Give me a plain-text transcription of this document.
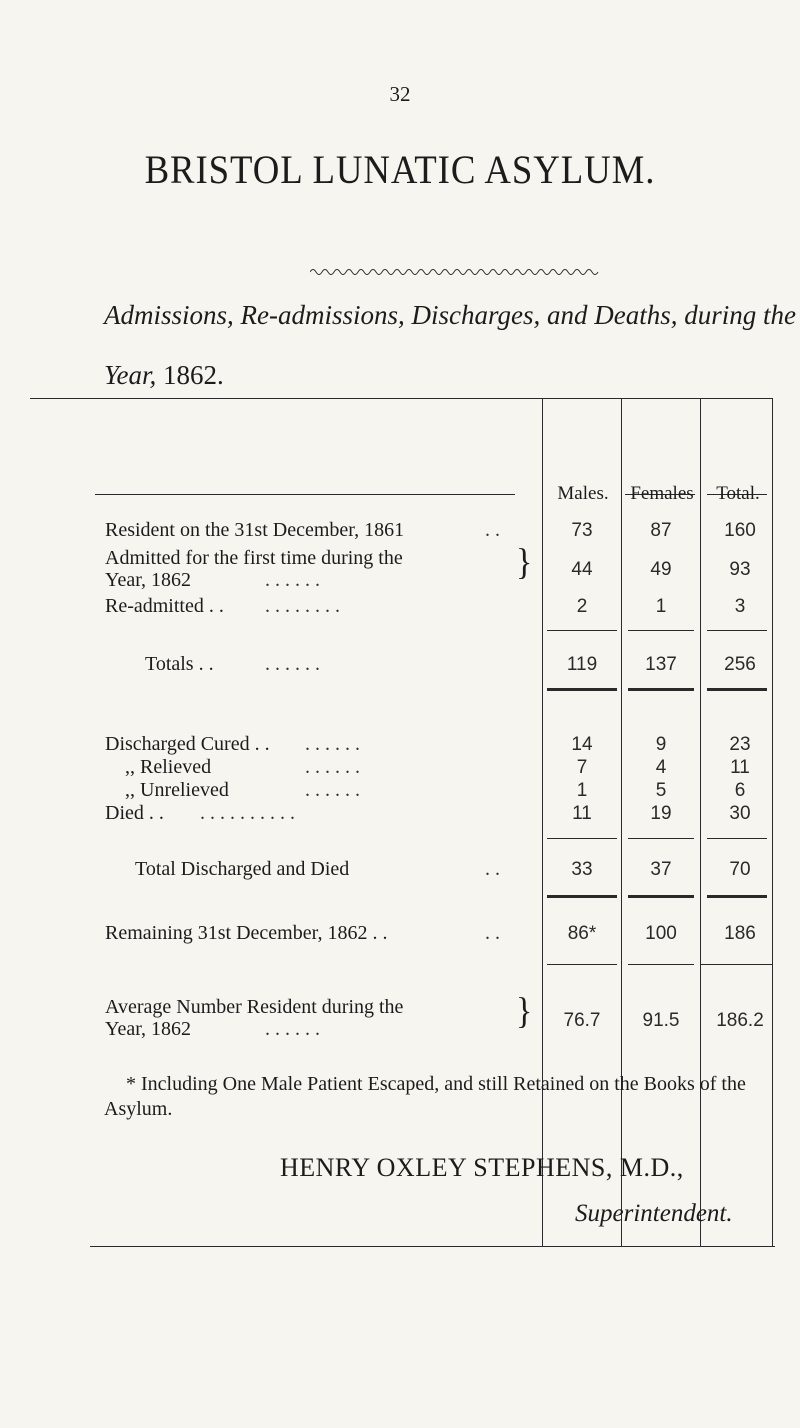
32
BRISTOL LUNATIC ASYLUM.
Admissions, Re-admissions, Discharges, and Deaths, during the
Year, 1862.
Males.	Females	Total.
Resident on the 31st December, 1861	. .	73	87	160
Admitted for the first time during the
Year, 1862	. . . . . .	}	44	49	93
Re-admitted . . . . . . . . . .	2	1	3
Totals . .	. . . . . .	119	137	256
Discharged Cured . . . . . . . .	14	9	23
,, Relieved	. . . . . .	7	4	11
,, Unrelieved	. . . . . .	1	5	6
Died . . . . . . . . . . . .	11	19	30
Total Discharged and Died	. .	33	37	70
Remaining 31st December, 1862 . .	. .	86*	100	186
Average Number Resident during the
Year, 1862	. . . . . .	}	76.7	91.5	186.2
* Including One Male Patient Escaped, and still Retained on the Books of the Asylum.
HENRY OXLEY STEPHENS, M.D.,
Superintendent.
